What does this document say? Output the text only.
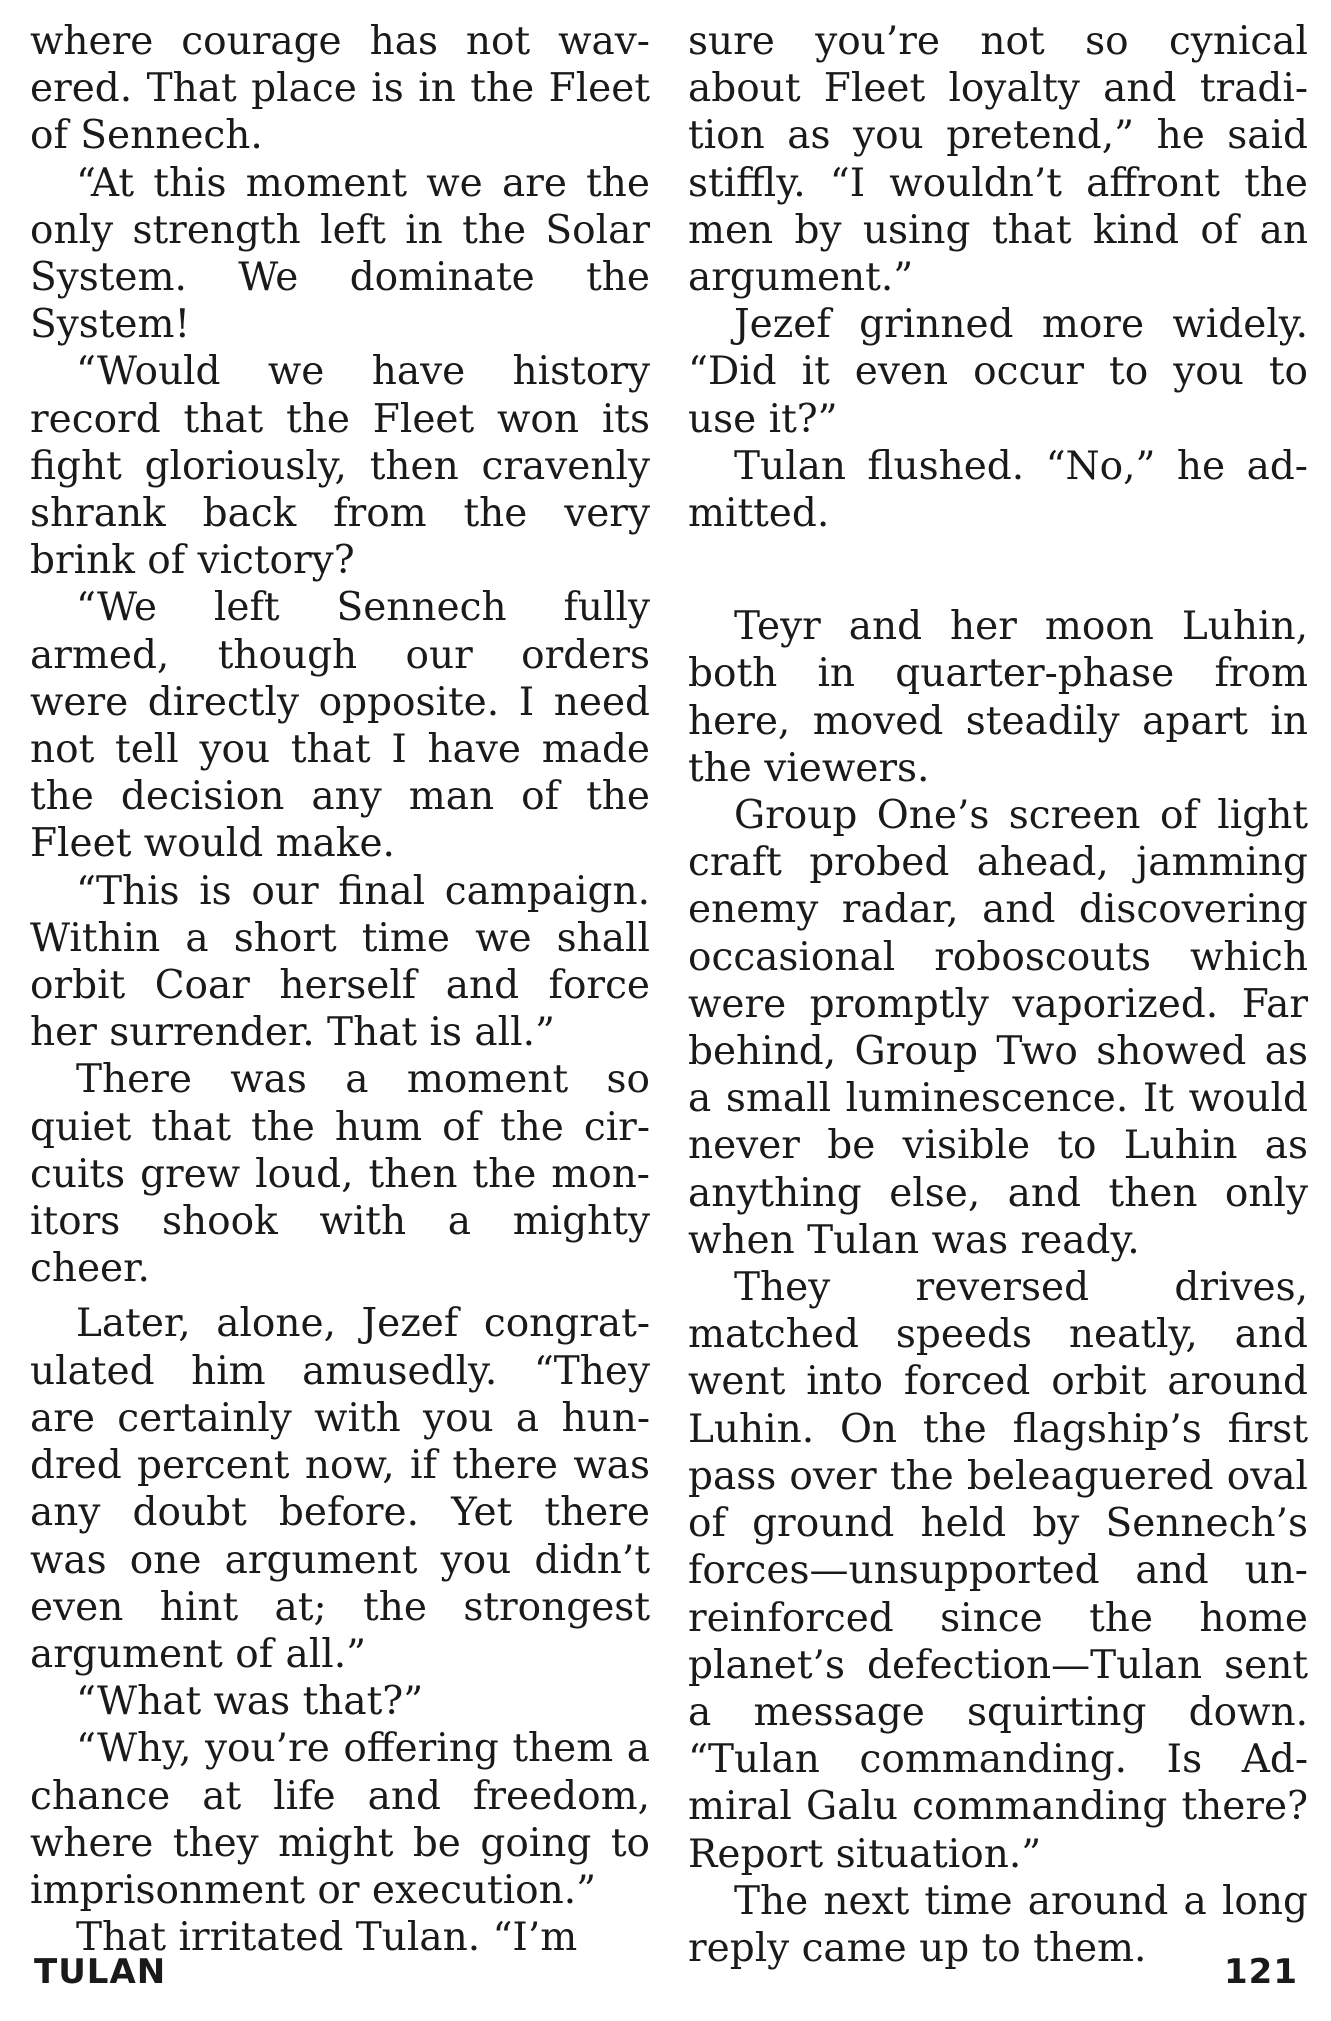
where courage has not wav-ered. That place is in the Fleet of Sennech.

“At this moment we are the only strength left in the Solar System. We dominate the System!

“Would we have history record that the Fleet won its fight gloriously, then cravenly shrank back from the very brink of victory?

“We left Sennech fully armed, though our orders were directly opposite. I need not tell you that I have made the decision any man of the Fleet would make.

“This is our final campaign. Within a short time we shall orbit Coar herself and force her surrender. That is all.”

There was a moment so quiet that the hum of the cir-cuits grew loud, then the mon-itors shook with a mighty cheer.

Later, alone, Jezef congrat-ulated him amusedly. “They are certainly with you a hun-dred percent now, if there was any doubt before. Yet there was one argument you didn’t even hint at; the strongest argument of all.”

“What was that?”

“Why, you’re offering them a chance at life and freedom, where they might be going to imprisonment or execution.”

That irritated Tulan. “I’m

sure you’re not so cynical about Fleet loyalty and tradi-tion as you pretend,” he said stiffly. “I wouldn’t affront the men by using that kind of an argument.”

Jezef grinned more widely. “Did it even occur to you to use it?”

Tulan flushed. “No,” he ad-mitted.

Teyr and her moon Luhin, both in quarter-phase from here, moved steadily apart in the viewers.

Group One’s screen of light craft probed ahead, jamming enemy radar, and discovering occasional roboscouts which were promptly vaporized. Far behind, Group Two showed as a small luminescence. It would never be visible to Luhin as anything else, and then only when Tulan was ready.

They reversed drives, matched speeds neatly, and went into forced orbit around Luhin. On the flagship’s first pass over the beleaguered oval of ground held by Sennech’s forces—unsupported and un-reinforced since the home planet’s defection—Tulan sent a message squirting down. “Tulan commanding. Is Ad-miral Galu commanding there? Report situation.”

The next time around a long reply came up to them.

TULAN	121
